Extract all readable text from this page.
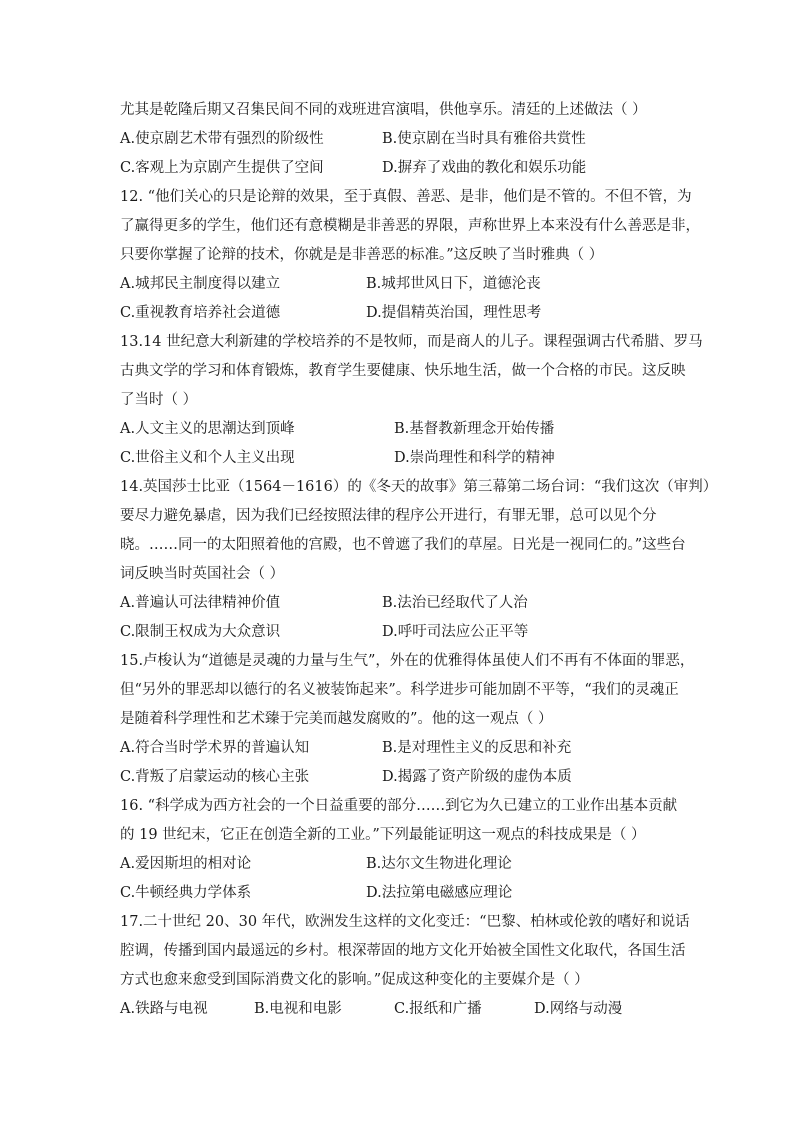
尤其是乾隆后期又召集民间不同的戏班进宫演唱，供他享乐。清廷的上述做法（ ）
A.使京剧艺术带有强烈的阶级性	B.使京剧在当时具有雅俗共赏性
C.客观上为京剧产生提供了空间	D.摒弃了戏曲的教化和娱乐功能
12. “他们关心的只是论辩的效果，至于真假、善恶、是非，他们是不管的。不但不管，为
了赢得更多的学生，他们还有意模糊是非善恶的界限，声称世界上本来没有什么善恶是非，
只要你掌握了论辩的技术，你就是是非善恶的标准。”这反映了当时雅典（ ）
A.城邦民主制度得以建立	B.城邦世风日下，道德沦丧
C.重视教育培养社会道德	D.提倡精英治国，理性思考
13.14 世纪意大利新建的学校培养的不是牧师，而是商人的儿子。课程强调古代希腊、罗马
古典文学的学习和体育锻炼，教育学生要健康、快乐地生活，做一个合格的市民。这反映
了当时（ ）
A.人文主义的思潮达到顶峰	B.基督教新理念开始传播
C.世俗主义和个人主义出现	D.崇尚理性和科学的精神
14.英国莎士比亚（1564－1616）的《冬天的故事》第三幕第二场台词：“我们这次（审判）
要尽力避免暴虐，因为我们已经按照法律的程序公开进行，有罪无罪，总可以见个分
晓。……同一的太阳照着他的宫殿，也不曾遮了我们的草屋。日光是一视同仁的。”这些台
词反映当时英国社会（ ）
A.普遍认可法律精神价值	B.法治已经取代了人治
C.限制王权成为大众意识	D.呼吁司法应公正平等
15.卢梭认为“道德是灵魂的力量与生气”，外在的优雅得体虽使人们不再有不体面的罪恶，
但“另外的罪恶却以德行的名义被装饰起来”。科学进步可能加剧不平等，“我们的灵魂正
是随着科学理性和艺术臻于完美而越发腐败的”。他的这一观点（ ）
A.符合当时学术界的普遍认知	B.是对理性主义的反思和补充
C.背叛了启蒙运动的核心主张	D.揭露了资产阶级的虚伪本质
16. “科学成为西方社会的一个日益重要的部分……到它为久已建立的工业作出基本贡献
的 19 世纪末，它正在创造全新的工业。”下列最能证明这一观点的科技成果是（ ）
A.爱因斯坦的相对论	B.达尔文生物进化理论
C.牛顿经典力学体系	D.法拉第电磁感应理论
17.二十世纪 20、30 年代，欧洲发生这样的文化变迁：“巴黎、柏林或伦敦的嗜好和说话
腔调，传播到国内最遥远的乡村。根深蒂固的地方文化开始被全国性文化取代，各国生活
方式也愈来愈受到国际消费文化的影响。”促成这种变化的主要媒介是（ ）
A.铁路与电视	B.电视和电影	C.报纸和广播	D.网络与动漫
